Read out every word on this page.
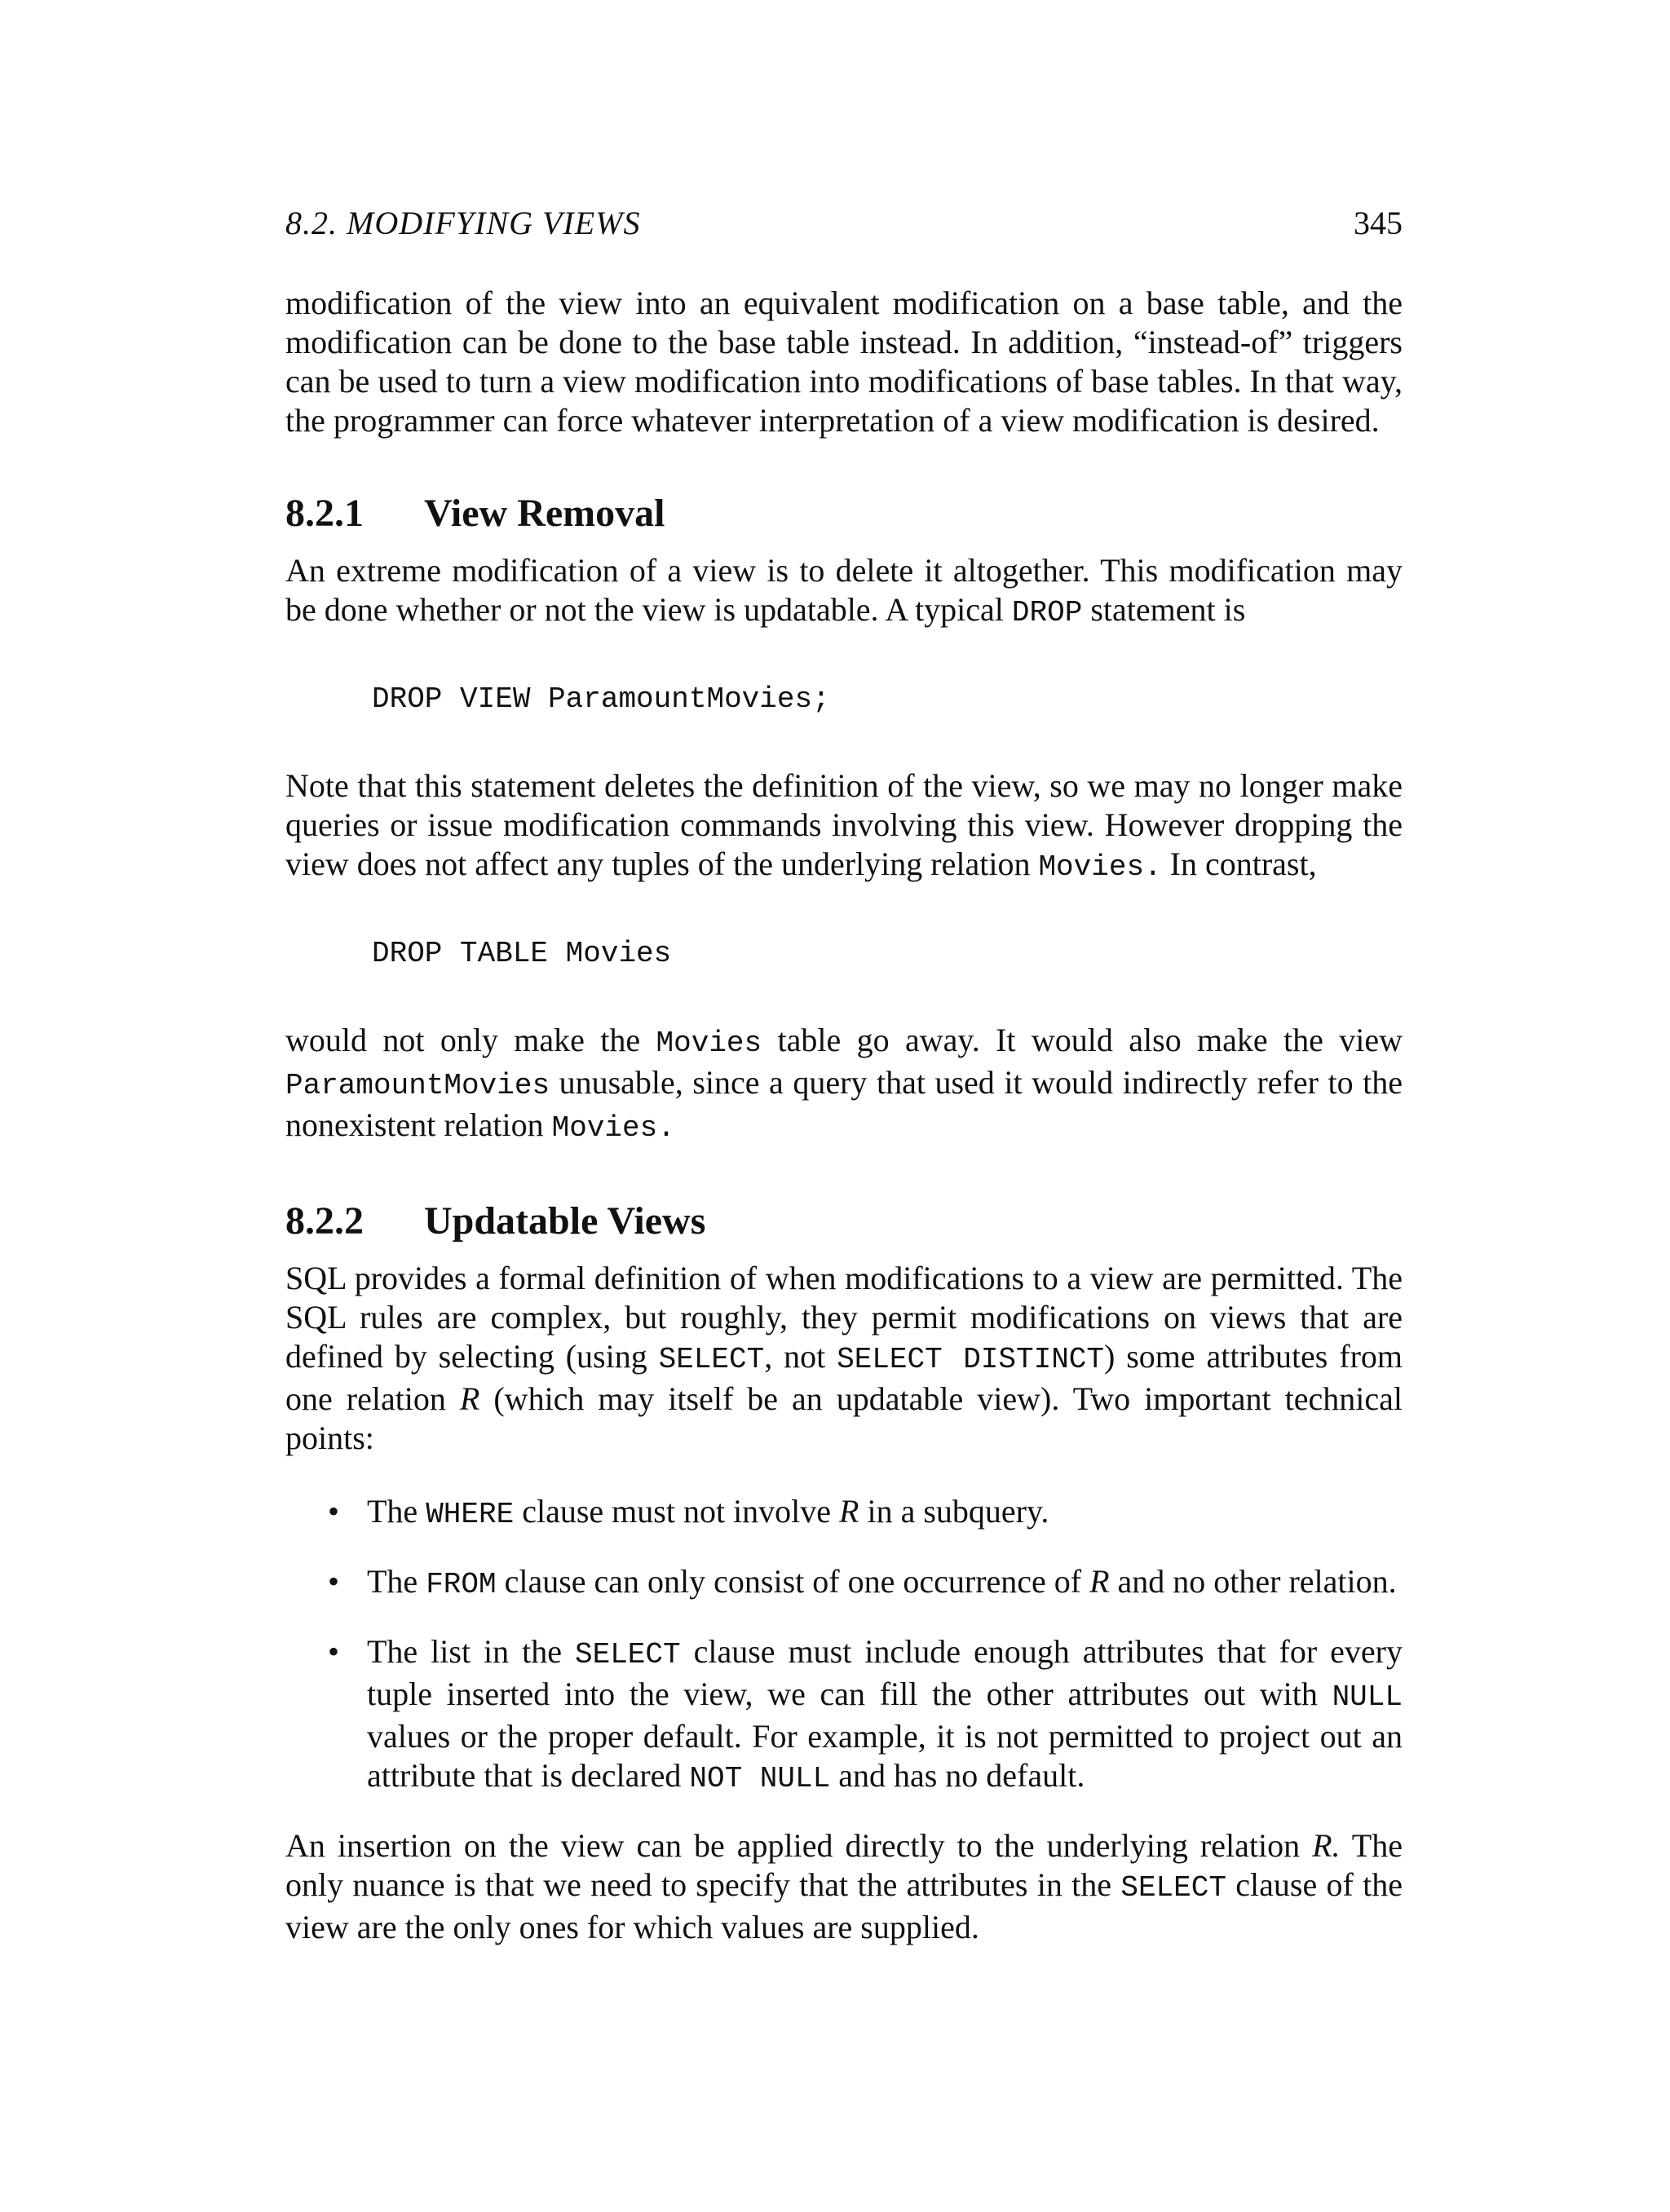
8.2. MODIFYING VIEWS	345

modification of the view into an equivalent modification on a base table, and the modification can be done to the base table instead. In addition, “instead-of” triggers can be used to turn a view modification into modifications of base tables. In that way, the programmer can force whatever interpretation of a view modification is desired.

8.2.1	View Removal

An extreme modification of a view is to delete it altogether. This modification may be done whether or not the view is updatable. A typical DROP statement is

DROP VIEW ParamountMovies;

Note that this statement deletes the definition of the view, so we may no longer make queries or issue modification commands involving this view. However dropping the view does not affect any tuples of the underlying relation Movies. In contrast,

DROP TABLE Movies

would not only make the Movies table go away. It would also make the view ParamountMovies unusable, since a query that used it would indirectly refer to the nonexistent relation Movies.

8.2.2	Updatable Views

SQL provides a formal definition of when modifications to a view are permitted. The SQL rules are complex, but roughly, they permit modifications on views that are defined by selecting (using SELECT, not SELECT DISTINCT) some attributes from one relation R (which may itself be an updatable view). Two important technical points:

• The WHERE clause must not involve R in a subquery.
• The FROM clause can only consist of one occurrence of R and no other relation.
• The list in the SELECT clause must include enough attributes that for every tuple inserted into the view, we can fill the other attributes out with NULL values or the proper default. For example, it is not permitted to project out an attribute that is declared NOT NULL and has no default.

An insertion on the view can be applied directly to the underlying relation R. The only nuance is that we need to specify that the attributes in the SELECT clause of the view are the only ones for which values are supplied.
